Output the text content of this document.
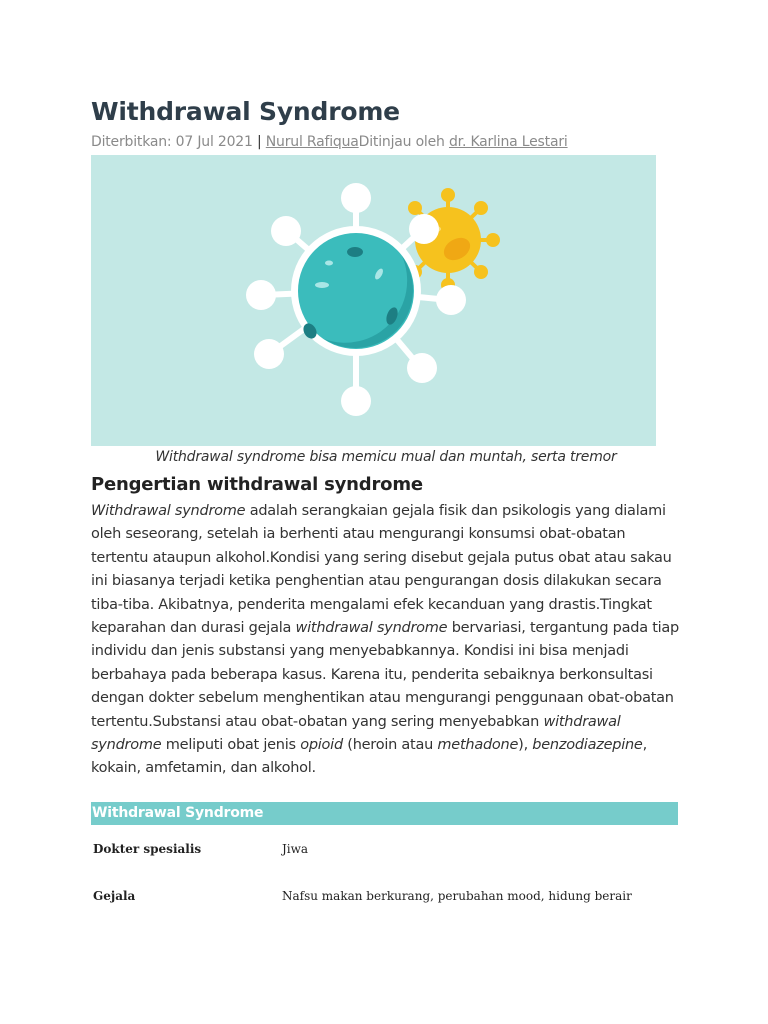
Withdrawal Syndrome
Diterbitkan: 07 Jul 2021 | Nurul RafiquaDitinjau oleh dr. Karlina Lestari
Withdrawal syndrome bisa memicu mual dan muntah, serta tremor
Pengertian withdrawal syndrome

Withdrawal syndrome adalah serangkaian gejala fisik dan psikologis yang dialami oleh seseorang, setelah ia berhenti atau mengurangi konsumsi obat-obatan tertentu ataupun alkohol.Kondisi yang sering disebut gejala putus obat atau sakau ini biasanya terjadi ketika penghentian atau pengurangan dosis dilakukan secara tiba-tiba. Akibatnya, penderita mengalami efek kecanduan yang drastis.Tingkat keparahan dan durasi gejala withdrawal syndrome bervariasi, tergantung pada tiap individu dan jenis substansi yang menyebabkannya. Kondisi ini bisa menjadi berbahaya pada beberapa kasus. Karena itu, penderita sebaiknya berkonsultasi dengan dokter sebelum menghentikan atau mengurangi penggunaan obat-obatan tertentu.Substansi atau obat-obatan yang sering menyebabkan withdrawal syndrome meliputi obat jenis opioid (heroin atau methadone), benzodiazepine, kokain, amfetamin, dan alkohol.

Withdrawal Syndrome
Dokter spesialis	Jiwa
Gejala	Nafsu makan berkurang, perubahan mood, hidung berair
